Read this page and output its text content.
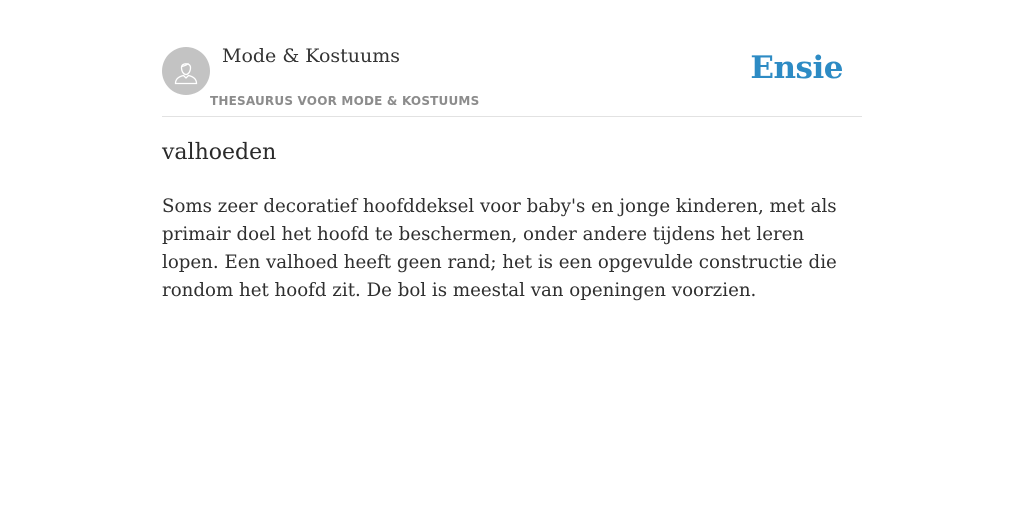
Mode & Kostuums
THESAURUS VOOR MODE & KOSTUUMS
Ensie
valhoeden

Soms zeer decoratief hoofddeksel voor baby's en jonge kinderen, met als primair doel het hoofd te beschermen, onder andere tijdens het leren lopen. Een valhoed heeft geen rand; het is een opgevulde constructie die rondom het hoofd zit. De bol is meestal van openingen voorzien.
